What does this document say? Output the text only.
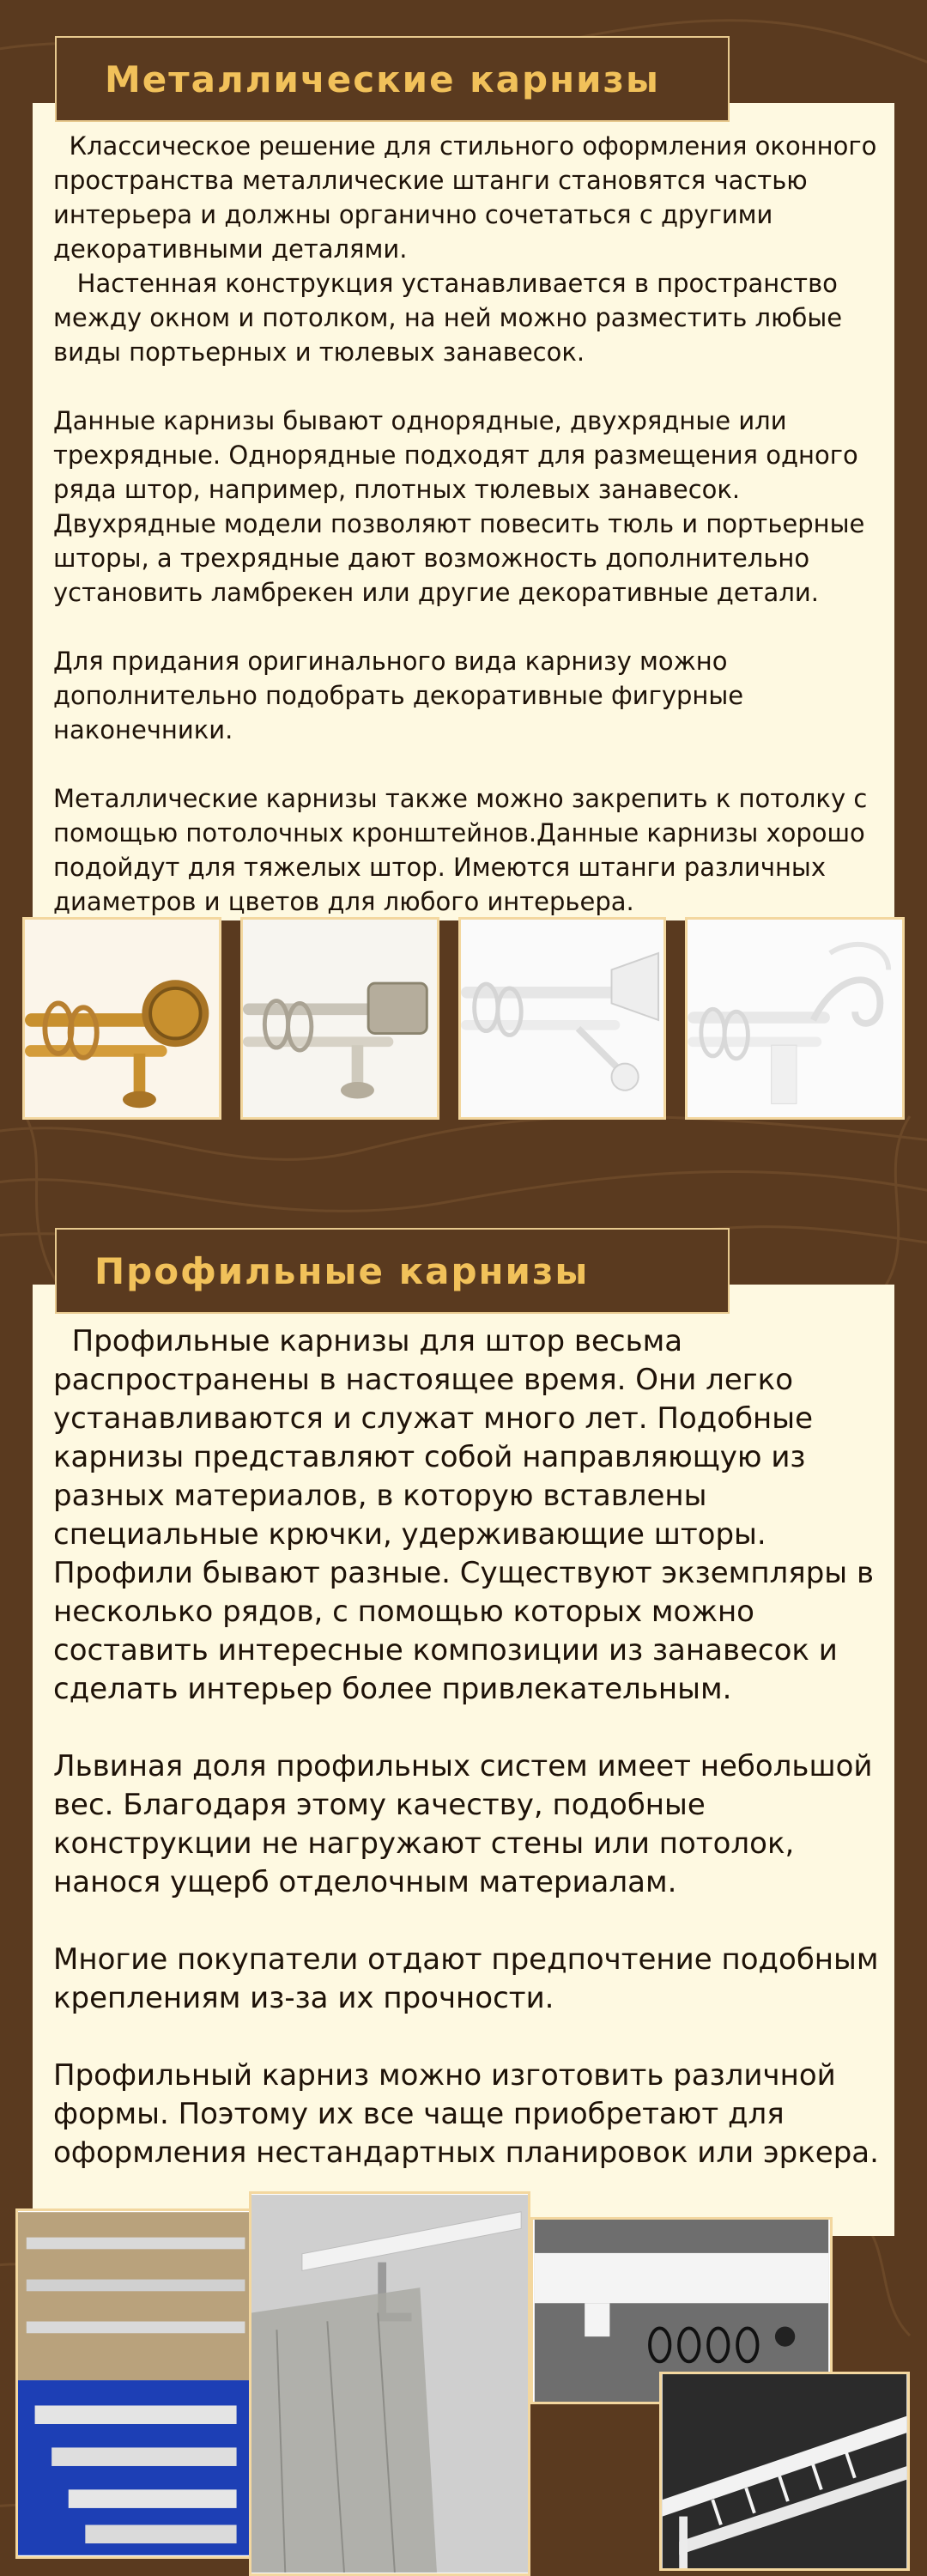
Металлические карнизы

Классическое решение для стильного оформления оконного пространства металлические штанги становятся частью интерьера и должны органично сочетаться с другими декоративными деталями.
Настенная конструкция устанавливается в пространство между окном и потолком, на ней можно разместить любые виды портьерных и тюлевых занавесок.

Данные карнизы бывают однорядные, двухрядные или трехрядные. Однорядные подходят для размещения одного ряда штор, например, плотных тюлевых занавесок. Двухрядные модели позволяют повесить тюль и портьерные шторы, а трехрядные дают возможность дополнительно установить ламбрекен или другие декоративные детали.

Для придания оригинального вида карнизу можно дополнительно подобрать декоративные фигурные наконечники.

Металлические карнизы также можно закрепить к потолку с помощью потолочных кронштейнов.Данные карнизы хорошо подойдут для тяжелых штор. Имеются штанги различных диаметров и цветов для любого интерьера.

Профильные карнизы

Профильные карнизы для штор весьма распространены в настоящее время. Они легко устанавливаются и служат много лет. Подобные карнизы представляют собой направляющую из разных материалов, в которую вставлены специальные крючки, удерживающие шторы. Профили бывают разные. Существуют экземпляры в несколько рядов, с помощью которых можно составить интересные композиции из занавесок и сделать интерьер более привлекательным.

Львиная доля профильных систем имеет небольшой вес. Благодаря этому качеству, подобные конструкции не нагружают стены или потолок, нанося ущерб отделочным материалам.

Многие покупатели отдают предпочтение подобным креплениям из-за их прочности.

Профильный карниз можно изготовить различной формы. Поэтому их все чаще приобретают для оформления нестандартных планировок или эркера.
